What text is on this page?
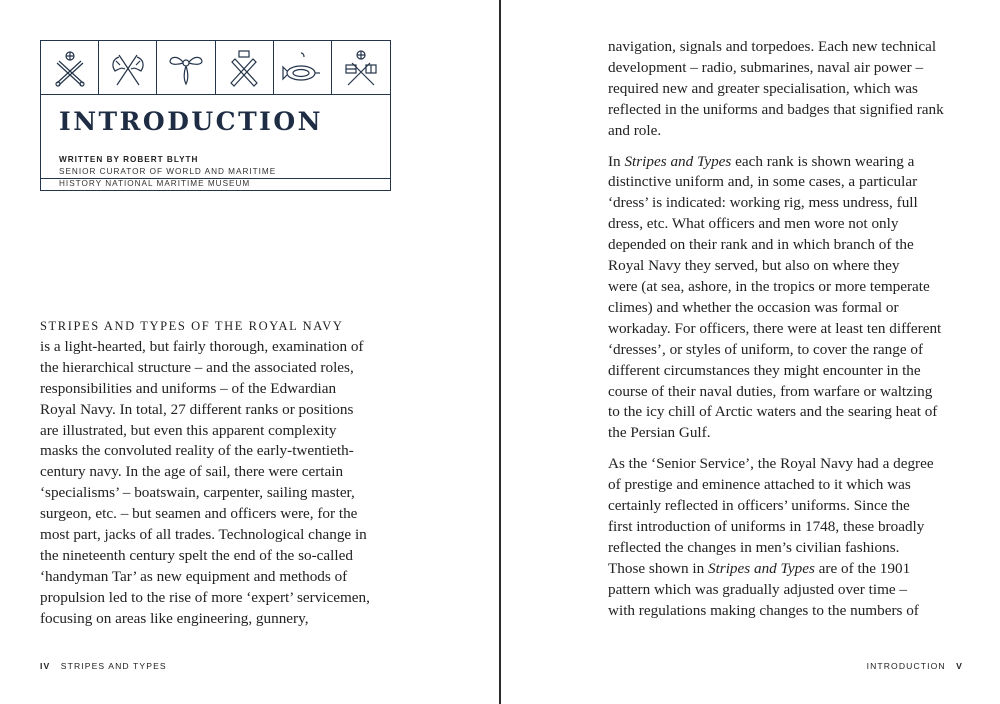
INTRODUCTION
WRITTEN BY ROBERT BLYTH
SENIOR CURATOR OF WORLD AND MARITIME
HISTORY NATIONAL MARITIME MUSEUM
STRIPES AND TYPES OF THE ROYAL NAVY
is a light-hearted, but fairly thorough, examination of
the hierarchical structure – and the associated roles,
responsibilities and uniforms – of the Edwardian
Royal Navy. In total, 27 different ranks or positions
are illustrated, but even this apparent complexity
masks the convoluted reality of the early-twentieth-
century navy. In the age of sail, there were certain
‘specialisms’ – boatswain, carpenter, sailing master,
surgeon, etc. – but seamen and officers were, for the
most part, jacks of all trades. Technological change in
the nineteenth century spelt the end of the so-called
‘handyman Tar’ as new equipment and methods of
propulsion led to the rise of more ‘expert’ servicemen,
focusing on areas like engineering, gunnery,
IV STRIPES AND TYPES

navigation, signals and torpedoes. Each new technical
development – radio, submarines, naval air power –
required new and greater specialisation, which was
reflected in the uniforms and badges that signified rank
and role.

In Stripes and Types each rank is shown wearing a
distinctive uniform and, in some cases, a particular
‘dress’ is indicated: working rig, mess undress, full
dress, etc. What officers and men wore not only
depended on their rank and in which branch of the
Royal Navy they served, but also on where they
were (at sea, ashore, in the tropics or more temperate
climes) and whether the occasion was formal or
workaday. For officers, there were at least ten different
‘dresses’, or styles of uniform, to cover the range of
different circumstances they might encounter in the
course of their naval duties, from warfare or waltzing
to the icy chill of Arctic waters and the searing heat of
the Persian Gulf.

As the ‘Senior Service’, the Royal Navy had a degree
of prestige and eminence attached to it which was
certainly reflected in officers’ uniforms. Since the
first introduction of uniforms in 1748, these broadly
reflected the changes in men’s civilian fashions.
Those shown in Stripes and Types are of the 1901
pattern which was gradually adjusted over time –
with regulations making changes to the numbers of

INTRODUCTION V
